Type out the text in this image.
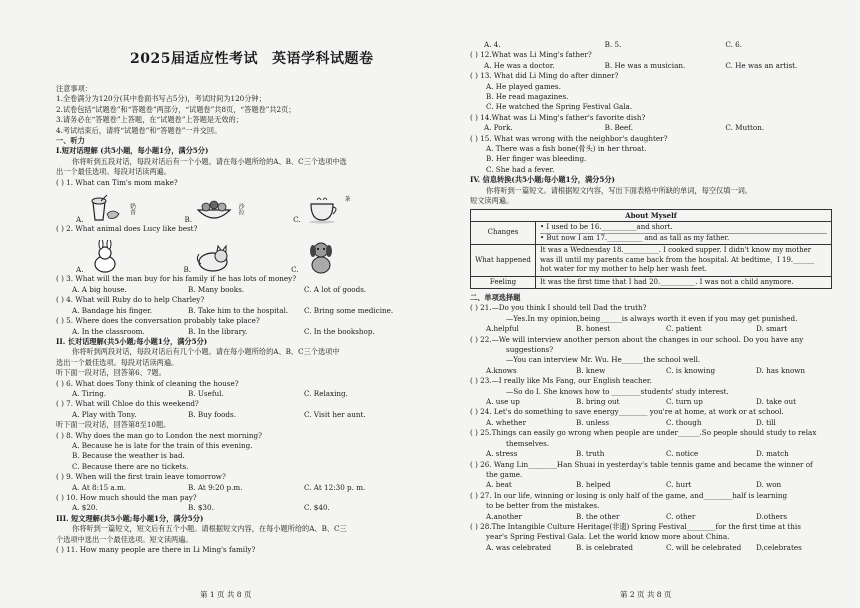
2025届适应性考试 英语学科试题卷
注意事项：
1.全卷满分为120分(其中卷面书写占5分)，考试时间为120分钟；
2.试卷包括“试题卷”和“答题卷”两部分，“试题卷”共8页，“答题卷”共2页；
3.请务必在“答题卷”上答题，在“试题卷”上答题是无效的；
4.考试结束后，请将“试题卷”和“答题卷”一并交回。
一、听力
I.短对话理解 (共5小题，每小题1分，满分5分)
你将听到五段对话，每段对话后有一个小题。请在每小题所给的A、B、C三个选项中选
出一个最佳选项。每段对话读两遍。
( ) 1. What can Tim's mom make?
A.
奶昔
B.
沙拉
C.
茶
( ) 2. What animal does Lucy like best?
A.	B.	C.
( ) 3. What will the man buy for his family if he has lots of money?
A. A big house.	B. Many books.	C. A lot of goods.
( ) 4. What will Ruby do to help Charley?
A. Bandage his finger.	B. Take him to the hospital.	C. Bring some medicine.
( ) 5. Where does the conversation probably take place?
A. In the classroom.	B. In the library.	C. In the bookshop.
II. 长对话理解(共5小题;每小题1分，满分5分)
你将听到两段对话，每段对话后有几个小题。请在每小题所给的A、B、C三个选项中
选出一个最佳选项。每段对话读两遍。
听下面一段对话，回答第6、7题。
( ) 6. What does Tony think of cleaning the house?
A. Tiring.	B. Useful.	C. Relaxing.
( ) 7. What will Chloe do this weekend?
A. Play with Tony.	B. Buy foods.	C. Visit her aunt.
听下面一段对话，回答第8至10题。
( ) 8. Why does the man go to London the next morning?
A. Because he is late for the train of this evening.
B. Because the weather is bad.
C. Because there are no tickets.
( ) 9. When will the first train leave tomorrow?
A. At 8:15 a.m.	B. At 9:20 p.m.	C. At 12:30 p. m.
( ) 10. How much should the man pay?
A. $20.	B. $30.	C. $40.
III. 短文理解(共5小题;每小题1分，满分5分)
你将听到一篇短文，短文后有五个小题。请根据短文内容，在每小题所给的A、B、C三
个选项中选出一个最佳选项。短文读两遍。
( ) 11. How many people are there in Li Ming's family?
第 1 页 共 8 页
A. 4.	B. 5.	C. 6.
( ) 12.What was Li Ming's father?
A. He was a doctor.	B. He was a musician.	C. He was an artist.
( ) 13. What did Li Ming do after dinner?
A. He played games.
B. He read magazines.
C. He watched the Spring Festival Gala.
( ) 14.What was Li Ming's father's favorite dish?
A. Pork.	B. Beef.	C. Mutton.
( ) 15. What was wrong with the neighbor's daughter?
A. There was a fish bone(骨头) in her throat.
B. Her finger was bleeding.
C. She had a fever.
IV. 信息转换(共5小题;每小题1分，满分5分)
你将听到一篇短文。请根据短文内容，写出下面表格中所缺的单词，每空仅填一词。
短文读两遍。
About Myself	
Changes	• I used to be 16.__________and short.
• But now I am 17.__________ and as tall as my father.

What happened	It was a Wednesday 18.__________. I cooked supper. I didn't know my mother
was ill until my parents came back from the hospital. At bedtime，I 19.______
hot water for my mother to help her wash feet.

Feeling	It was the first time that I had 20.__________. I was not a child anymore.
二、单项选择题
( ) 21.—Do you think I should tell Dad the truth?
—Yes.In my opinion,being______is always worth it even if you may get punished.
A.helpful	B. honest	C. patient	D. smart
( ) 22.—We will interview another person about the changes in our school. Do you have any
suggestions?
—You can interview Mr. Wu. He______the school well.
A.knows	B. knew	C. is knowing	D. has known
( ) 23.—I really like Ms Fang, our English teacher.
—So do I. She knows how to ________students' study interest.
A. use up	B. bring out	C. turn up	D. take out
( ) 24. Let's do something to save energy________ you're at home, at work or at school.
A. whether	B. unless	C. though	D. till
( ) 25.Things can easily go wrong when people are under______.So people should study to relax
themselves.
A. stress	B. truth	C. notice	D. match
( ) 26. Wang Lin________Han Shuai in yesterday's table tennis game and became the winner of
the game.
A. beat	B. helped	C. hurt	D. won
( ) 27. In our life, winning or losing is only half of the game, and________half is learning
to be better from the mistakes.
A.another	B. the other	C. other	D.others
( ) 28.The Intangible Culture Heritage(非遗) Spring Festival________for the first time at this
year's Spring Festival Gala. Let the world know more about China.
A. was celebrated	B. is celebrated	C. will be celebrated	D.celebrates
第 2 页 共 8 页
